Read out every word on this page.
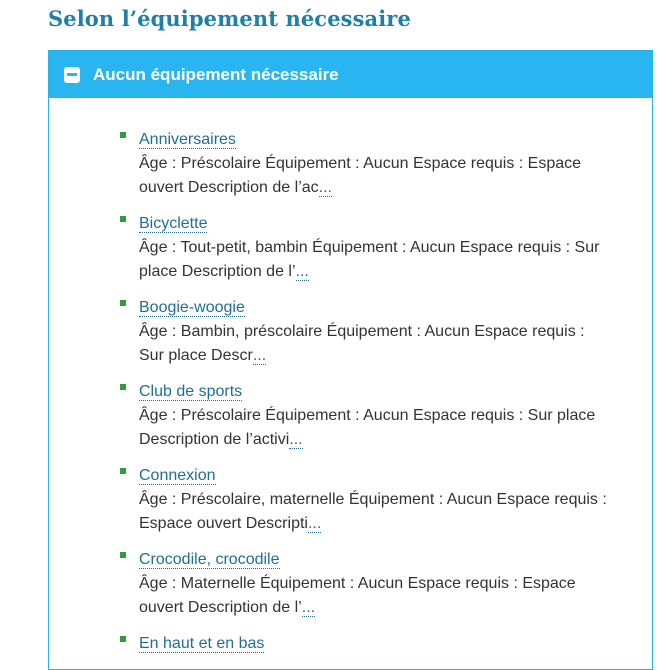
Selon l’équipement nécessaire
Aucun équipement nécessaire
Anniversaires
Âge : Préscolaire Équipement : Aucun Espace requis : Espace ouvert Description de l’ac...
Bicyclette
Âge : Tout-petit, bambin Équipement : Aucun Espace requis : Sur place Description de l’...
Boogie-woogie
Âge : Bambin, préscolaire Équipement : Aucun Espace requis : Sur place Descr...
Club de sports
Âge : Préscolaire Équipement : Aucun Espace requis : Sur place Description de l’activi...
Connexion
Âge : Préscolaire, maternelle Équipement : Aucun Espace requis : Espace ouvert Descripti...
Crocodile, crocodile
Âge : Maternelle Équipement : Aucun Espace requis : Espace ouvert Description de l’...
En haut et en bas
